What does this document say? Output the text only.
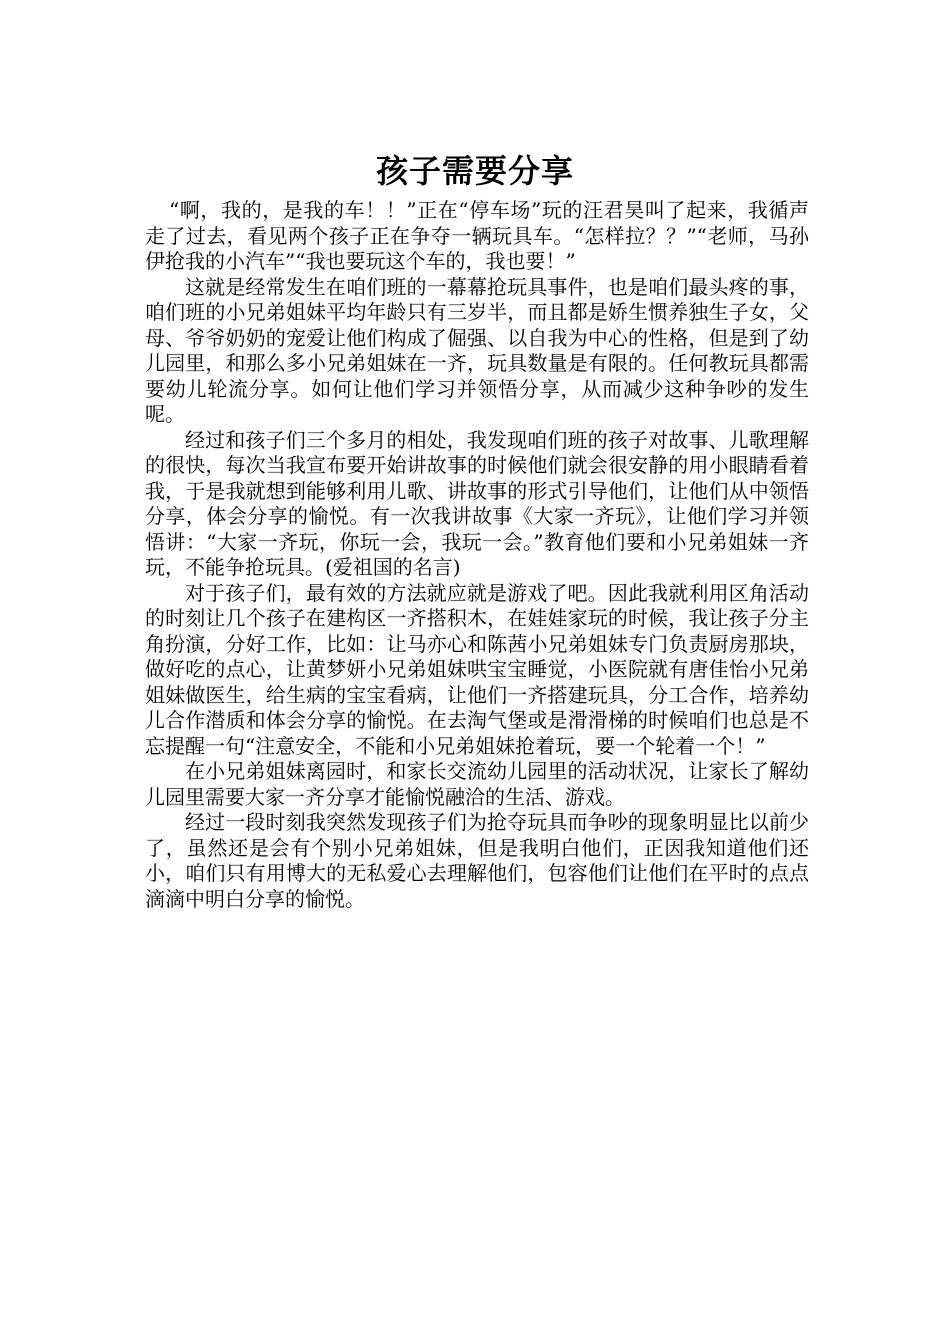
孩子需要分享

“啊，我的，是我的车！！”正在“停车场”玩的汪君昊叫了起来，我循声走了过去，看见两个孩子正在争夺一辆玩具车。“怎样拉？？”“老师，马孙伊抢我的小汽车”“我也要玩这个车的，我也要！”

这就是经常发生在咱们班的一幕幕抢玩具事件，也是咱们最头疼的事，咱们班的小兄弟姐妹平均年龄只有三岁半，而且都是娇生惯养独生子女，父母、爷爷奶奶的宠爱让他们构成了倔强、以自我为中心的性格，但是到了幼儿园里，和那么多小兄弟姐妹在一齐，玩具数量是有限的。任何教玩具都需要幼儿轮流分享。如何让他们学习并领悟分享，从而减少这种争吵的发生呢。

经过和孩子们三个多月的相处，我发现咱们班的孩子对故事、儿歌理解的很快，每次当我宣布要开始讲故事的时候他们就会很安静的用小眼睛看着我，于是我就想到能够利用儿歌、讲故事的形式引导他们，让他们从中领悟分享，体会分享的愉悦。有一次我讲故事《大家一齐玩》，让他们学习并领悟讲：“大家一齐玩，你玩一会，我玩一会。”教育他们要和小兄弟姐妹一齐玩，不能争抢玩具。(爱祖国的名言)

对于孩子们，最有效的方法就应就是游戏了吧。因此我就利用区角活动的时刻让几个孩子在建构区一齐搭积木，在娃娃家玩的时候，我让孩子分主角扮演，分好工作，比如：让马亦心和陈茜小兄弟姐妹专门负责厨房那块，做好吃的点心，让黄梦妍小兄弟姐妹哄宝宝睡觉，小医院就有唐佳怡小兄弟姐妹做医生，给生病的宝宝看病，让他们一齐搭建玩具，分工合作，培养幼儿合作潜质和体会分享的愉悦。在去淘气堡或是滑滑梯的时候咱们也总是不忘提醒一句“注意安全，不能和小兄弟姐妹抢着玩，要一个轮着一个！”

在小兄弟姐妹离园时，和家长交流幼儿园里的活动状况，让家长了解幼儿园里需要大家一齐分享才能愉悦融洽的生活、游戏。

经过一段时刻我突然发现孩子们为抢夺玩具而争吵的现象明显比以前少了，虽然还是会有个别小兄弟姐妹，但是我明白他们，正因我知道他们还小，咱们只有用博大的无私爱心去理解他们，包容他们让他们在平时的点点滴滴中明白分享的愉悦。
